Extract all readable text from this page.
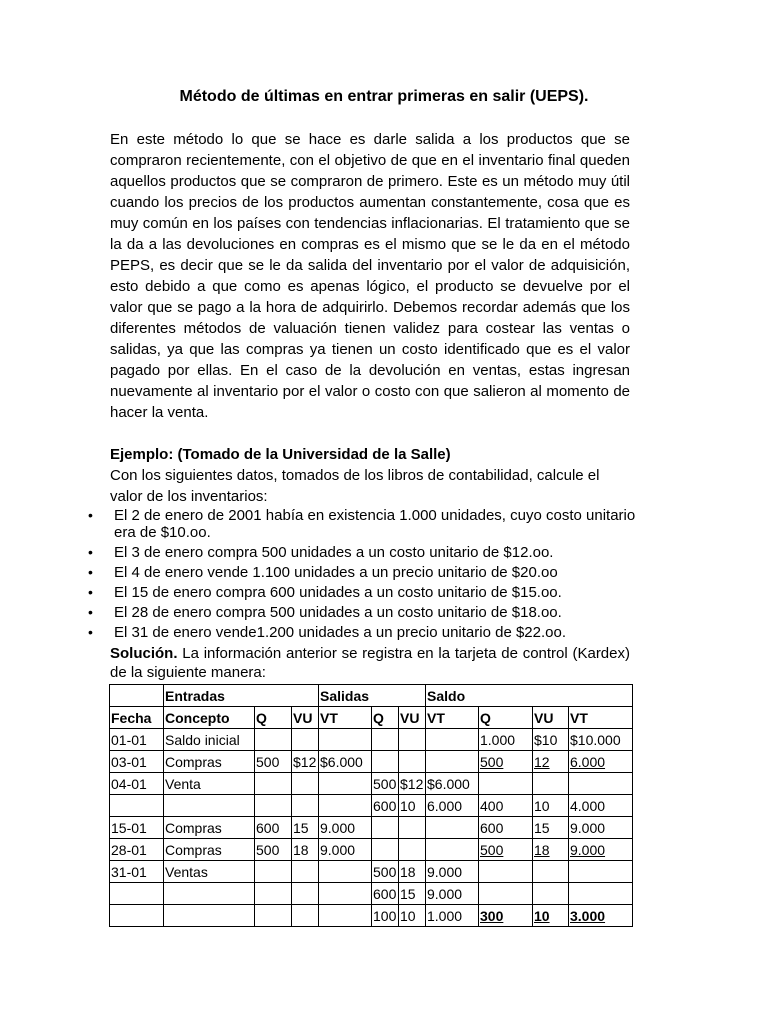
Método de últimas en entrar primeras en salir (UEPS).
En este método lo que se hace es darle salida a los productos que se compraron recientemente, con el objetivo de que en el inventario final queden aquellos productos que se compraron de primero. Este es un método muy útil cuando los precios de los productos aumentan constantemente, cosa que es muy común en los países con tendencias inflacionarias. El tratamiento que se la da a las devoluciones en compras es el mismo que se le da en el método PEPS, es decir que se le da salida del inventario por el valor de adquisición, esto debido a que como es apenas lógico, el producto se devuelve por el valor que se pago a la hora de adquirirlo. Debemos recordar además que los diferentes métodos de valuación tienen validez para costear las ventas o salidas, ya que las compras ya tienen un costo identificado que es el valor pagado por ellas. En el caso de la devolución en ventas, estas ingresan nuevamente al inventario por el valor o costo con que salieron al momento de hacer la venta.
Ejemplo: (Tomado de la Universidad de la Salle)
Con los siguientes datos, tomados de los libros de contabilidad, calcule el valor de los inventarios:
• El 2 de enero de 2001 había en existencia 1.000 unidades, cuyo costo unitario era de $10.oo.
• El 3 de enero compra 500 unidades a un costo unitario de $12.oo.
• El 4 de enero vende 1.100 unidades a un precio unitario de $20.oo
• El 15 de enero compra 600 unidades a un costo unitario de $15.oo.
• El 28 de enero compra 500 unidades a un costo unitario de $18.oo.
• El 31 de enero vende1.200 unidades a un precio unitario de $22.oo.
Solución. La información anterior se registra en la tarjeta de control (Kardex) de la siguiente manera:
	Entradas			Salidas			Saldo			
Fecha	Concepto	Q	VU	VT	Q	VU	VT	Q	VU	VT
01-01	Saldo inicial							1.000	$10	$10.000
03-01	Compras	500	$12	$6.000				500	12	6.000
04-01	Venta				500	$12	$6.000			
					600	10	6.000	400	10	4.000
15-01	Compras	600	15	9.000				600	15	9.000
28-01	Compras	500	18	9.000				500	18	9.000
31-01	Ventas				500	18	9.000			
					600	15	9.000			
					100	10	1.000	300	10	3.000
